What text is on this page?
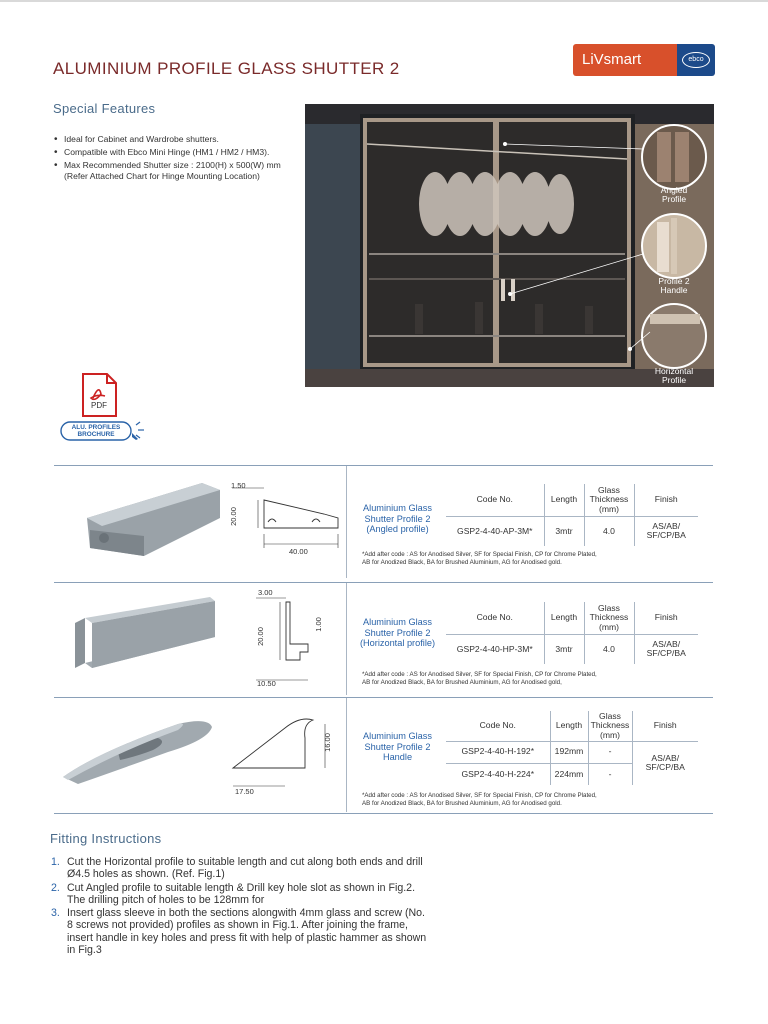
ALUMINIUM PROFILE GLASS SHUTTER 2	LiVsmart	ebco
Special Features
• Ideal for Cabinet and Wardrobe shutters.
• Compatible with Ebco Mini Hinge (HM1 / HM2 / HM3).
• Max Recommended Shutter size : 2100(H) x 500(W) mm (Refer Attached Chart for Hinge Mounting Location)
Angled
Profile
Profile 2
Handle
Horizontal
Profile
PDF
ALU. PROFILES
BROCHURE
1.50
20.00
40.00
Aluminium Glass
Shutter Profile 2
(Angled profile)
Code No.	Length	Glass
Thickness
(mm)	Finish
GSP2-4-40-AP-3M*	3mtr	4.0	AS/AB/
SF/CP/BA
*Add after code : AS for Anodised Silver, SF for Special Finish, CP for Chrome Plated,
AB for Anodized Black, BA for Brushed Aluminium, AG for Anodised gold.
3.00
20.00
1.00
10.50
Aluminium Glass
Shutter Profile 2
(Horizontal profile)
Code No.	Length	Glass
Thickness
(mm)	Finish
GSP2-4-40-HP-3M*	3mtr	4.0	AS/AB/
SF/CP/BA
*Add after code : AS for Anodised Silver, SF for Special Finish, CP for Chrome Plated,
AB for Anodized Black, BA for Brushed Aluminium, AG for Anodised gold,
16.00
17.50
Aluminium Glass
Shutter Profile 2
Handle
Code No.	Length	Glass
Thickness
(mm)	Finish
GSP2-4-40-H-192*	192mm	-	AS/AB/
SF/CP/BA

GSP2-4-40-H-224*	224mm	-	
*Add after code : AS for Anodised Silver, SF for Special Finish, CP for Chrome Plated,
AB for Anodized Black, BA for Brushed Aluminium, AG for Anodised gold.
Fitting Instructions
1. Cut the Horizontal profile to suitable length and cut along both ends and drill Ø4.5 holes as shown. (Ref. Fig.1)
2. Cut Angled profile to suitable length & Drill key hole slot as shown in Fig.2. The drilling pitch of holes to be 128mm for
3. Insert glass sleeve in both the sections alongwith 4mm glass and screw (No. 8 screws not provided) profiles as shown in Fig.1. After joining the frame, insert handle in key holes and press fit with help of plastic hammer as shown in Fig.3
